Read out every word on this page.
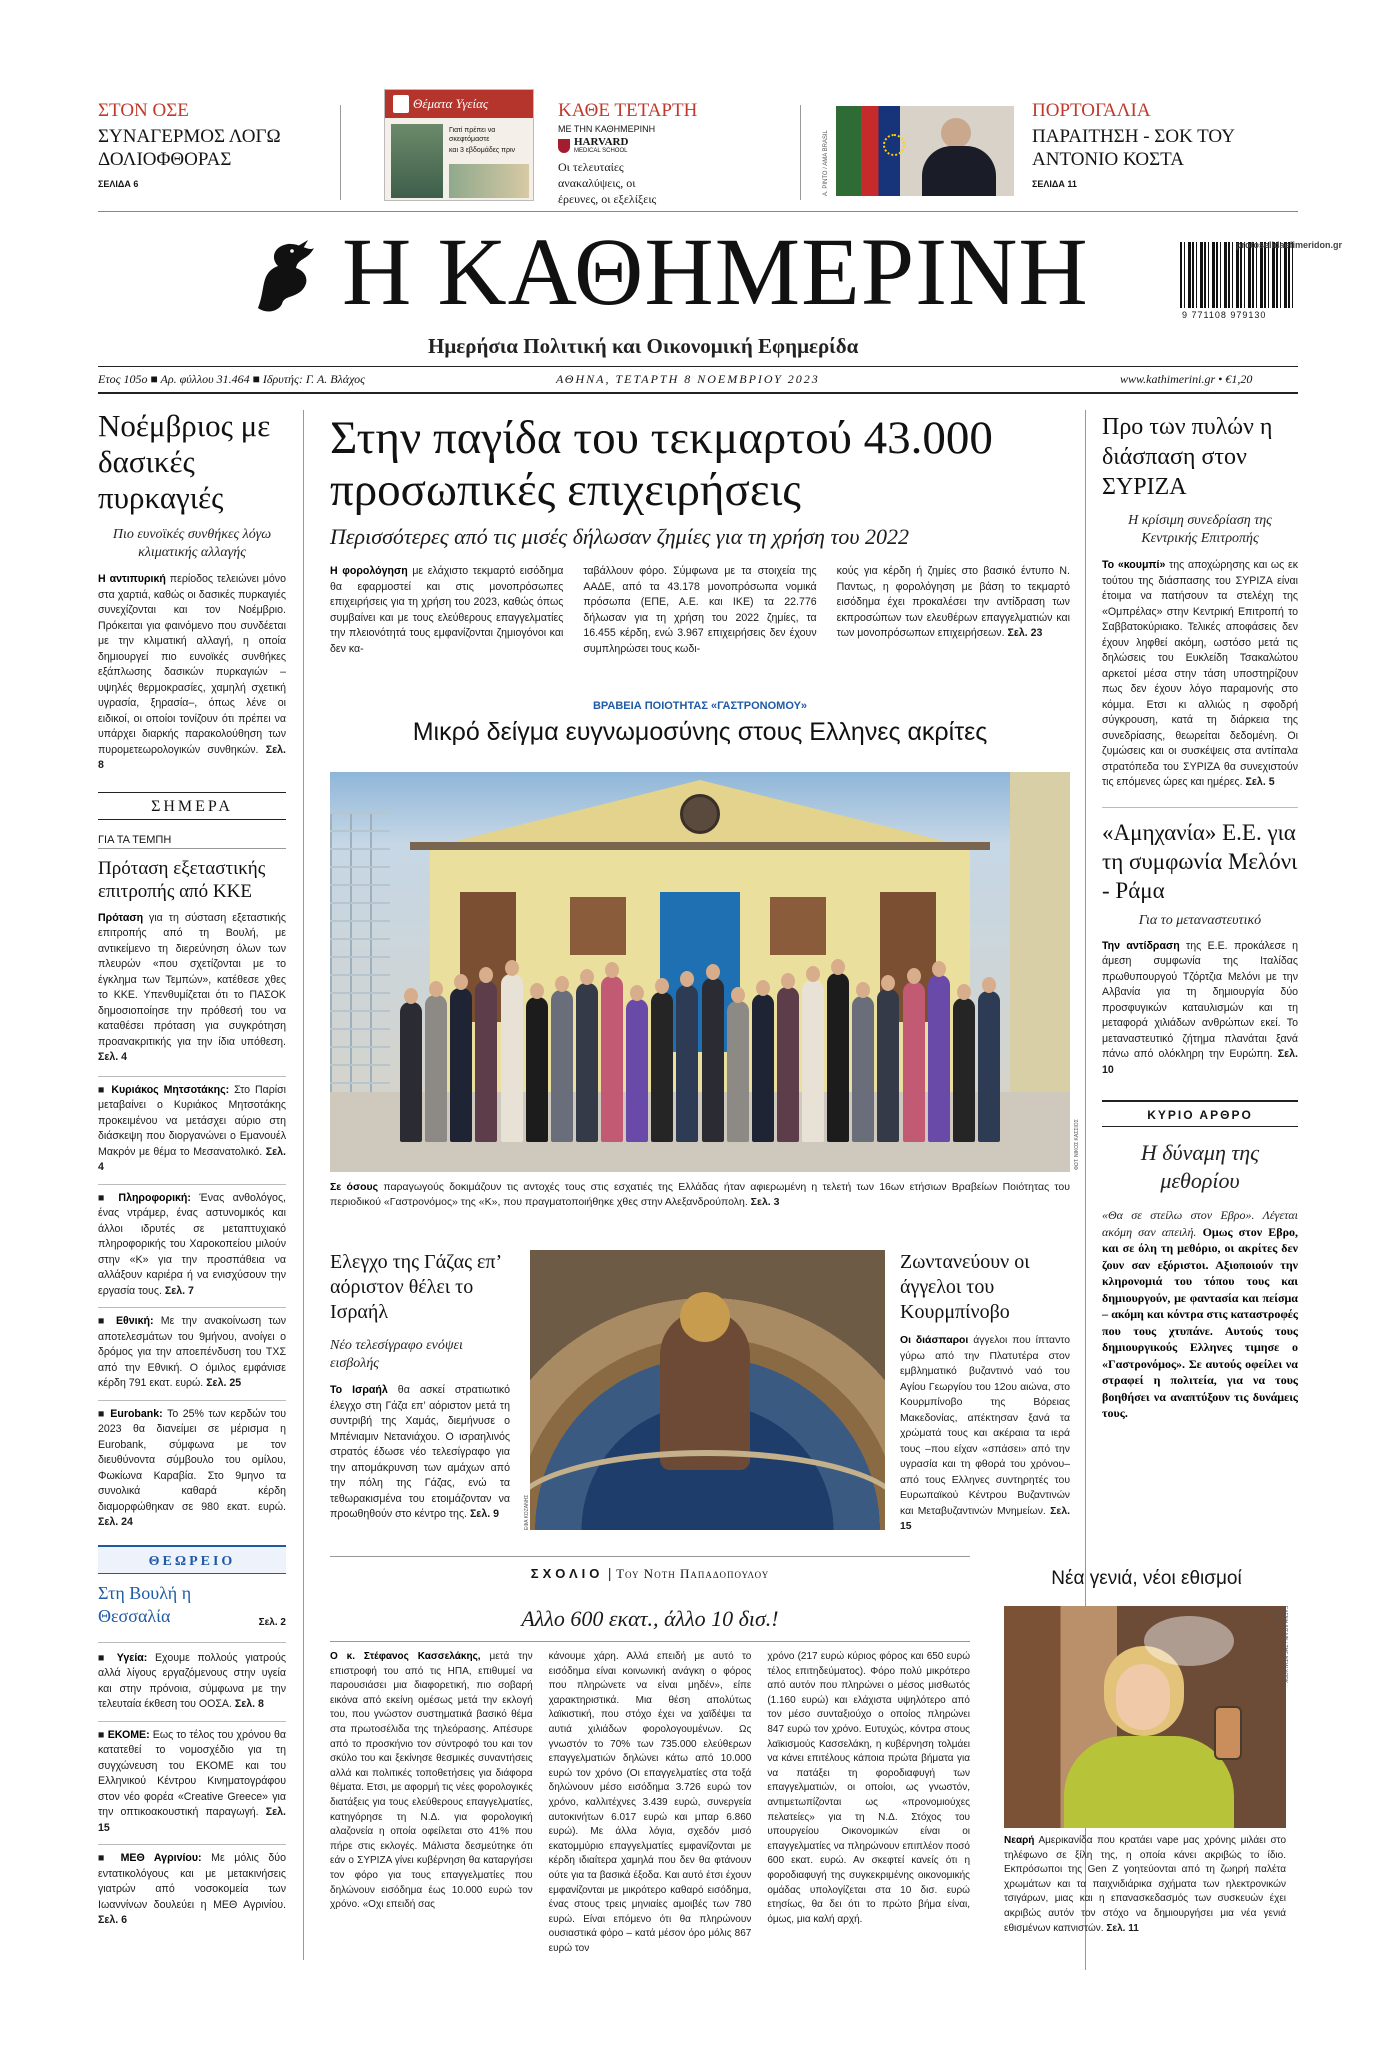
ΣΤΟΝ ΟΣΕ
ΣΥΝΑΓΕΡΜΟΣ ΛΟΓΩ ΔΟΛΙΟΦΘΟΡΑΣ
ΣΕΛΙΔΑ 6
Θέματα Υγείας
Γιατί πρέπει να σκεφτόμαστε
και 3 εβδομάδες πριν
ΚΑΘΕ ΤΕΤΑΡΤΗ
ΜΕ ΤΗΝ ΚΑΘΗΜΕΡΙΝΗ
HARVARD
MEDICAL SCHOOL
Οι τελευταίες ανακαλύψεις, οι έρευνες, οι εξελίξεις
A. PINTO / AMA BRASIL
ΠΟΡΤΟΓΑΛΙΑ
ΠΑΡΑΙΤΗΣΗ - ΣΟΚ ΤΟΥ ΑΝΤΟΝΙΟ ΚΟΣΤΑ
ΣΕΛΙΔΑ 11
Η ΚΑΘΗΜΕΡΙΝΗ
Ημερήσια Πολιτική και Οικονομική Εφημερίδα
9 771108 979130
protoselidaefimeridon.gr
Ετος 105ο ■ Αρ. φύλλου 31.464 ■ Ιδρυτής: Γ. Α. Βλάχος	ΑΘΗΝΑ, ΤΕΤΑΡΤΗ 8 ΝΟΕΜΒΡΙΟΥ 2023	www.kathimerini.gr • €1,20
Νοέμβριος με δασικές πυρκαγιές
Πιο ευνοϊκές συνθήκες λόγω κλιματικής αλλαγής
Η αντιπυρική περίοδος τελειώνει μόνο στα χαρτιά, καθώς οι δασικές πυρκαγιές συνεχίζονται και τον Νοέμβριο. Πρόκειται για φαινόμενο που συνδέεται με την κλιματική αλλαγή, η οποία δημιουργεί πιο ευνοϊκές συνθήκες εξάπλωσης δασικών πυρκαγιών –υψηλές θερμοκρασίες, χαμηλή σχετική υγρασία, ξηρασία–, όπως λένε οι ειδικοί, οι οποίοι τονίζουν ότι πρέπει να υπάρχει διαρκής παρακολούθηση των πυρομετεωρολογικών συνθηκών. Σελ. 8
ΣΗΜΕΡΑ
ΓΙΑ ΤΑ ΤΕΜΠΗ
Πρόταση εξεταστικής επιτροπής από ΚΚΕ
Πρόταση για τη σύσταση εξεταστικής επιτροπής από τη Βουλή, με αντικείμενο τη διερεύνηση όλων των πλευρών «που σχετίζονται με το έγκλημα των Τεμπών», κατέθεσε χθες το ΚΚΕ. Υπενθυμίζεται ότι το ΠΑΣΟΚ δημοσιοποίησε την πρόθεσή του να καταθέσει πρόταση για συγκρότηση προανακριτικής για την ίδια υπόθεση. Σελ. 4
■ Κυριάκος Μητσοτάκης: Στο Παρίσι μεταβαίνει ο Κυριάκος Μητσοτάκης προκειμένου να μετάσχει αύριο στη διάσκεψη που διοργανώνει ο Εμανουέλ Μακρόν με θέμα το Μεσανατολικό. Σελ. 4
■ Πληροφορική: Ένας ανθολόγος, ένας ντράμερ, ένας αστυνομικός και άλλοι ιδρυτές σε μεταπτυχιακό πληροφορικής του Χαροκοπείου μιλούν στην «Κ» για την προσπάθεια να αλλάξουν καριέρα ή να ενισχύσουν την εργασία τους. Σελ. 7
■ Εθνική: Με την ανακοίνωση των αποτελεσμάτων του 9μήνου, ανοίγει ο δρόμος για την αποεπένδυση του ΤΧΣ από την Εθνική. Ο όμιλος εμφάνισε κέρδη 791 εκατ. ευρώ. Σελ. 25
■ Eurobank: Το 25% των κερδών του 2023 θα διανείμει σε μέρισμα η Eurobank, σύμφωνα με τον διευθύνοντα σύμβουλο του ομίλου, Φωκίωνα Καραβία. Στο 9μηνο τα συνολικά καθαρά κέρδη διαμορφώθηκαν σε 980 εκατ. ευρώ. Σελ. 24
ΘΕΩΡΕΙΟ
Στη Βουλή η Θεσσαλία	Σελ. 2
■ Υγεία: Εχουμε πολλούς γιατρούς αλλά λίγους εργαζόμενους στην υγεία και στην πρόνοια, σύμφωνα με την τελευταία έκθεση του ΟΟΣΑ. Σελ. 8
■ ΕΚΟΜΕ: Εως το τέλος του χρόνου θα κατατεθεί το νομοσχέδιο για τη συγχώνευση του ΕΚΟΜΕ και του Ελληνικού Κέντρου Κινηματογράφου στον νέο φορέα «Creative Greece» για την οπτικοακουστική παραγωγή. Σελ. 15
■ ΜΕΘ Αγρινίου: Με μόλις δύο εντατικολόγους και με μετακινήσεις γιατρών από νοσοκομεία των Ιωαννίνων δουλεύει η ΜΕΘ Αγρινίου. Σελ. 6
Στην παγίδα του τεκμαρτού 43.000 προσωπικές επιχειρήσεις
Περισσότερες από τις μισές δήλωσαν ζημίες για τη χρήση του 2022
Η φορολόγηση με ελάχιστο τεκμαρτό εισόδημα θα εφαρμοστεί και στις μονοπρόσωπες επιχειρήσεις για τη χρήση του 2023, καθώς όπως συμβαίνει και με τους ελεύθερους επαγγελματίες την πλειονότητά τους εμφανίζονται ζημιογόνοι και δεν κα-
ταβάλλουν φόρο. Σύμφωνα με τα στοιχεία της ΑΑΔΕ, από τα 43.178 μονοπρόσωπα νομικά πρόσωπα (ΕΠΕ, Α.Ε. και ΙΚΕ) τα 22.776 δήλωσαν για τη χρήση του 2022 ζημίες, τα 16.455 κέρδη, ενώ 3.967 επιχειρήσεις δεν έχουν συμπληρώσει τους κωδι-
κούς για κέρδη ή ζημίες στο βασικό έντυπο Ν. Παντως, η φορολόγηση με βάση το τεκμαρτό εισόδημα έχει προκαλέσει την αντίδραση των εκπροσώπων των ελευθέρων επαγγελματιών και των μονοπρόσωπων επιχειρήσεων. Σελ. 23
ΒΡΑΒΕΙΑ ΠΟΙΟΤΗΤΑΣ «ΓΑΣΤΡΟΝΟΜΟΥ»
Μικρό δείγμα ευγνωμοσύνης στους Ελληνες ακρίτες
ΦΩΤ. ΝΙΚΟΣ ΚΑΣΣΙΟΣ
Σε όσους παραγωγούς δοκιμάζουν τις αντοχές τους στις εσχατιές της Ελλάδας ήταν αφιερωμένη η τελετή των 16ων ετήσιων Βραβείων Ποιότητας του περιοδικού «Γαστρονόμος» της «Κ», που πραγματοποιήθηκε χθες στην Αλεξανδρούπολη. Σελ. 3
Ελεγχο της Γάζας επ’ αόριστον θέλει το Ισραήλ
Νέο τελεσίγραφο ενόψει εισβολής
Το Ισραήλ θα ασκεί στρατιωτικό έλεγχο στη Γάζα επ’ αόριστον μετά τη συντριβή της Χαμάς, διεμήνυσε ο Μπένιαμιν Νετανιάχου. Ο ισραηλινός στρατός έδωσε νέο τελεσίγραφο για την απομάκρυνση των αμάχων από την πόλη της Γάζας, ενώ τα τεθωρακισμένα του ετοιμάζονταν να προωθηθούν στο κέντρο της. Σελ. 9	ΕΦΑ ΚΟΖΑΝΗΣ
Ζωντανεύουν οι άγγελοι του Κουρμπίνοβο
Οι διάσπαροι άγγελοι που ίπταντο γύρω από την Πλατυτέρα στον εμβληματικό βυζαντινό ναό του Αγίου Γεωργίου του 12ου αιώνα, στο Κουρμπίνοβο της Βόρειας Μακεδονίας, απέκτησαν ξανά τα χρώματά τους και ακέραια τα ιερά τους –που είχαν «σπάσει» από την υγρασία και τη φθορά του χρόνου– από τους Ελληνες συντηρητές του Ευρωπαϊκού Κέντρου Βυζαντινών και Μεταβυζαντινών Μνημείων. Σελ. 15
Προ των πυλών η διάσπαση στον ΣΥΡΙΖΑ
Η κρίσιμη συνεδρίαση της Κεντρικής Επιτροπής
Το «κουμπί» της αποχώρησης και ως εκ τούτου της διάσπασης του ΣΥΡΙΖΑ είναι έτοιμα να πατήσουν τα στελέχη της «Ομπρέλας» στην Κεντρική Επιτροπή το Σαββατοκύριακο. Τελικές αποφάσεις δεν έχουν ληφθεί ακόμη, ωστόσο μετά τις δηλώσεις του Ευκλείδη Τσακαλώτου αρκετοί μέσα στην τάση υποστηρίζουν πως δεν έχουν λόγο παραμονής στο κόμμα. Ετσι κι αλλιώς η σφοδρή σύγκρουση, κατά τη διάρκεια της συνεδρίασης, θεωρείται δεδομένη. Οι ζυμώσεις και οι συσκέψεις στα αντίπαλα στρατόπεδα του ΣΥΡΙΖΑ θα συνεχιστούν τις επόμενες ώρες και ημέρες. Σελ. 5
«Αμηχανία» Ε.Ε. για τη συμφωνία Μελόνι - Ράμα
Για το μεταναστευτικό
Την αντίδραση της Ε.Ε. προκάλεσε η άμεση συμφωνία της Ιταλίδας πρωθυπουργού Τζόρτζια Μελόνι με την Αλβανία για τη δημιουργία δύο προσφυγικών καταυλισμών και τη μεταφορά χιλιάδων ανθρώπων εκεί. Το μεταναστευτικό ζήτημα πλανάται ξανά πάνω από ολόκληρη την Ευρώπη. Σελ. 10
ΚΥΡΙΟ ΑΡΘΡΟ
Η δύναμη της μεθορίου
«Θα σε στείλω στον Εβρο». Λέγεται ακόμη σαν απειλή. Ομως στον Εβρο, και σε όλη τη μεθόριο, οι ακρίτες δεν ζουν σαν εξόριστοι. Αξιοποιούν την κληρονομιά του τόπου τους και δημιουργούν, με φαντασία και πείσμα – ακόμη και κόντρα στις καταστροφές που τους χτυπάνε. Αυτούς τους δημιουργικούς Ελληνες τιμησε ο «Γαστρονόμος». Σε αυτούς οφείλει να στραφεί η πολιτεία, για να τους βοηθήσει να αναπτύξουν τις δυνάμεις τους.
ΣΧΟΛΙΟ | Του Νοτη Παπαδοπουλου
Αλλο 600 εκατ., άλλο 10 δισ.!
Ο κ. Στέφανος Κασσελάκης, μετά την επιστροφή του από τις ΗΠΑ, επιθυμεί να παρουσιάσει μια διαφορετική, πιο σοβαρή εικόνα από εκείνη ομέσως μετά την εκλογή του, που γνώστον συστηματικά βασικό θέμα στα πρωτοσέλιδα της τηλεόρασης. Απέσυρε από το προσκήνιο τον σύντροφό του και τον σκύλο του και ξεκίνησε θεσμικές συναντήσεις αλλά και πολιτικές τοποθετήσεις για διάφορα θέματα. Ετσι, με αφορμή τις νέες φορολογικές διατάξεις για τους ελεύθερους επαγγελματίες, κατηγόρησε τη Ν.Δ. για φορολογική αλαζονεία η οποία οφείλεται στο 41% που πήρε στις εκλογές. Μάλιστα δεσμεύτηκε ότι εάν ο ΣΥΡΙΖΑ γίνει κυβέρνηση θα καταργήσει τον φόρο για τους επαγγελματίες που δηλώνουν εισόδημα έως 10.000 ευρώ τον χρόνο. «Οχι επειδή σας
κάνουμε χάρη. Αλλά επειδή με αυτό το εισόδημα είναι κοινωνική ανάγκη ο φόρος που πληρώνετε να είναι μηδέν», είπε χαρακτηριστικά. Μια θέση απολύτως λαϊκιστική, που στόχο έχει να χαϊδέψει τα αυτιά χιλιάδων φορολογουμένων. Ως γνωστόν το 70% των 735.000 ελεύθερων επαγγελματιών δηλώνει κάτω από 10.000 ευρώ τον χρόνο (Οι επαγγελματίες στα τοξά δηλώνουν μέσο εισόδημα 3.726 ευρώ τον χρόνο, καλλιτέχνες 3.439 ευρώ, συνεργεία αυτοκινήτων 6.017 ευρώ και μπαρ 6.860 ευρώ). Με άλλα λόγια, σχεδόν μισό εκατομμύριο επαγγελματίες εμφανίζονται με κέρδη ιδιαίτερα χαμηλά που δεν θα φτάνουν ούτε για τα βασικά έξοδα. Και αυτό έτσι έχουν εμφανίζονται με μικρότερο καθαρό εισόδημα, ένας στους τρεις μηνιαίες αμοιβές των 780 ευρώ. Είναι επόμενο ότι θα πληρώνουν ουσιαστικά φόρο – κατά μέσον όρο μόλις 867 ευρώ τον
χρόνο (217 ευρώ κύριος φόρος και 650 ευρώ τέλος επιτηδεύματος). Φόρο πολύ μικρότερο από αυτόν που πληρώνει ο μέσος μισθωτός (1.160 ευρώ) και ελάχιστα υψηλότερο από τον μέσο συνταξιούχο ο οποίος πληρώνει 847 ευρώ τον χρόνο. Ευτυχώς, κόντρα στους λαϊκισμούς Κασσελάκη, η κυβέρνηση τολμάει να κάνει επιτέλους κάποια πρώτα βήματα για να πατάξει τη φοροδιαφυγή των επαγγελματιών, οι οποίοι, ως γνωστόν, αντιμετωπίζονται ως «προνομιούχες πελατείες» για τη Ν.Δ. Στόχος του υπουργείου Οικονομικών είναι οι επαγγελματίες να πληρώνουν επιπλέον ποσό 600 εκατ. ευρώ. Αν σκεφτεί κανείς ότι η φοροδιαφυγή της συγκεκριμένης οικονομικής ομάδας υπολογίζεται στα 10 δισ. ευρώ ετησίως, θα δει ότι το πρώτο βήμα είναι, όμως, μια καλή αρχή.
Νέα γενιά, νέοι εθισμοί
ΕΛΕΝΗ ΑΙΣΛΙΝ / THE NEW YORK TIMES
Νεαρή Αμερικανίδα που κρατάει vape μας χρόνης μιλάει στο τηλέφωνο σε ξίλη της, η οποία κάνει ακριβώς το ίδιο. Εκπρόσωποι της Gen Z γοητεύονται από τη ζωηρή παλέτα χρωμάτων και τα παιχνιδιάρικα σχήματα των ηλεκτρονικών τσιγάρων, μιας και η επανασκεδασμός των συσκευών έχει ακριβώς αυτόν τον στόχο να δημιουργήσει μια νέα γενιά εθισμένων καπνιστών. Σελ. 11
